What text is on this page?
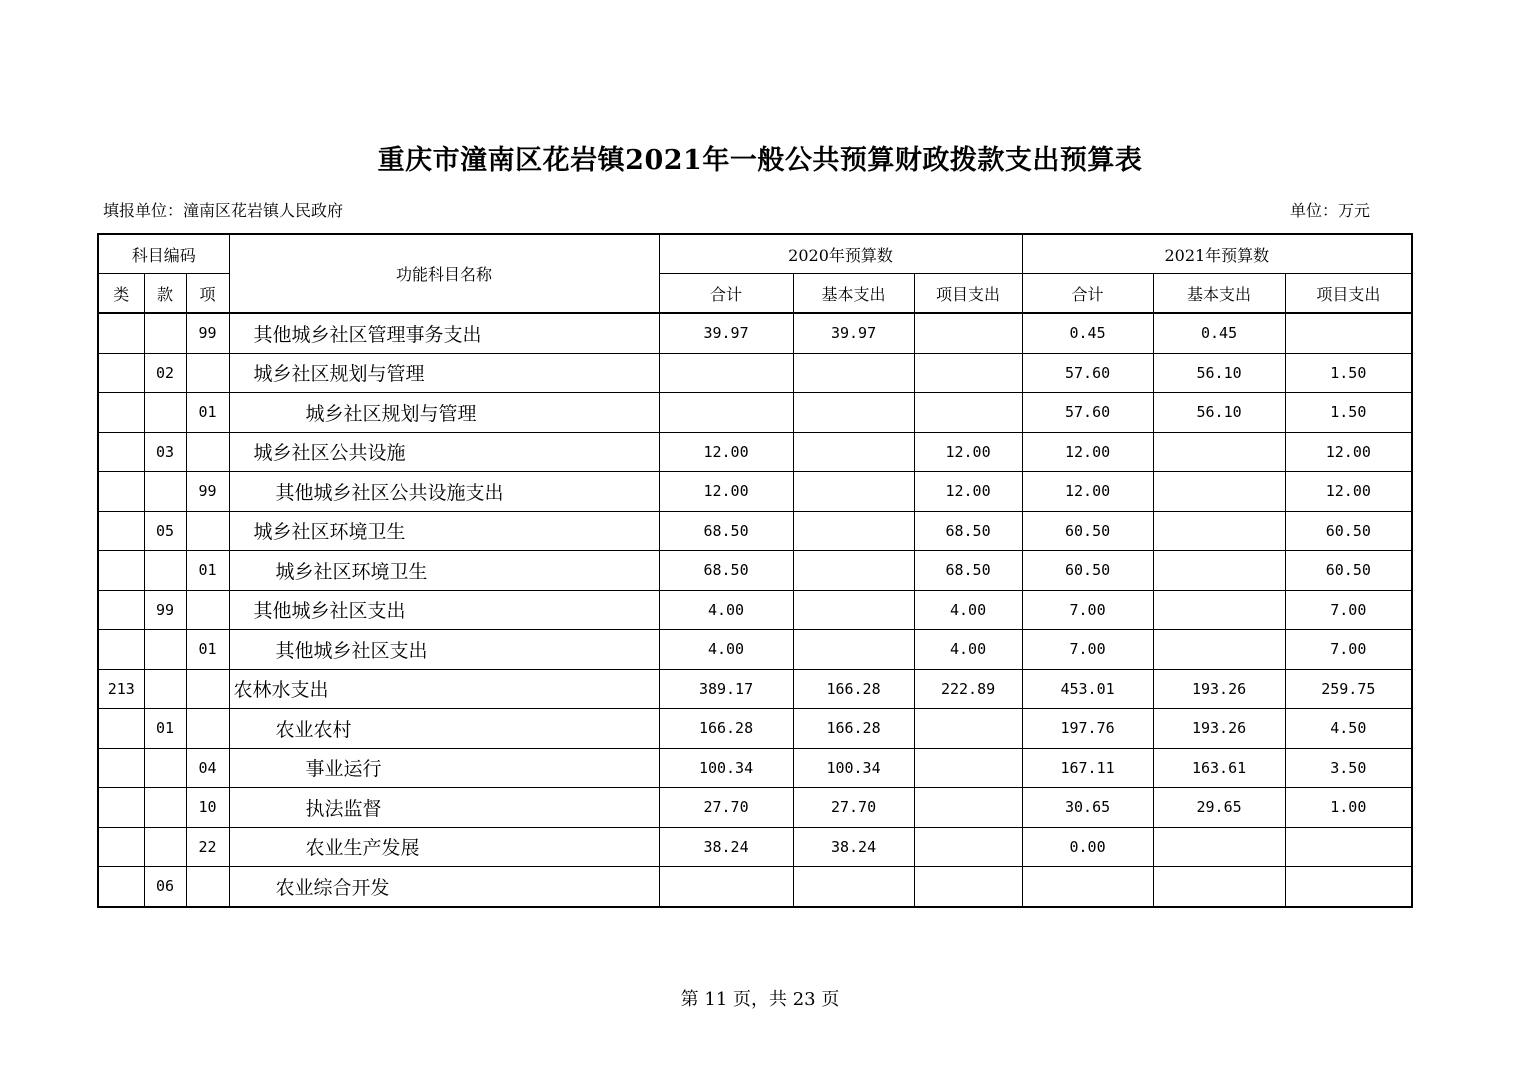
重庆市潼南区花岩镇2021年一般公共预算财政拨款支出预算表
填报单位：潼南区花岩镇人民政府	单位：万元
科目编码			功能科目名称	2020年预算数			2021年预算数		
类	款	项		合计	基本支出	项目支出	合计	基本支出	项目支出
		99	其他城乡社区管理事务支出	39.97	39.97		0.45	0.45	
	02		城乡社区规划与管理				57.60	56.10	1.50
		01	城乡社区规划与管理				57.60	56.10	1.50
	03		城乡社区公共设施	12.00		12.00	12.00		12.00
		99	其他城乡社区公共设施支出	12.00		12.00	12.00		12.00
	05		城乡社区环境卫生	68.50		68.50	60.50		60.50
		01	城乡社区环境卫生	68.50		68.50	60.50		60.50
	99		其他城乡社区支出	4.00		4.00	7.00		7.00
		01	其他城乡社区支出	4.00		4.00	7.00		7.00
213			农林水支出	389.17	166.28	222.89	453.01	193.26	259.75
	01		农业农村	166.28	166.28		197.76	193.26	4.50
		04	事业运行	100.34	100.34		167.11	163.61	3.50
		10	执法监督	27.70	27.70		30.65	29.65	1.00
		22	农业生产发展	38.24	38.24		0.00		
	06		农业综合开发						
第 11 页，共 23 页
